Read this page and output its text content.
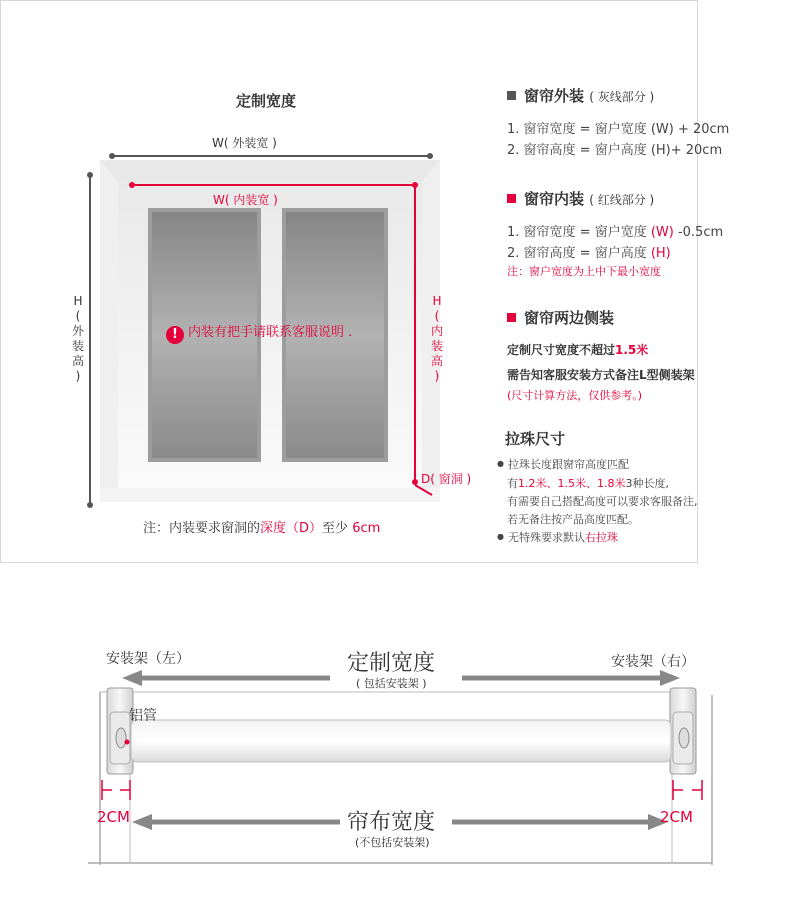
定制宽度
W( 外装宽 )
W( 内装宽 )
H
(
外
装
高
)
H
(
内
装
高
)
D( 窗洞 )
! 内装有把手请联系客服说明 .
注：内装要求窗洞的深度（D）至少 6cm
窗帘外装 ( 灰线部分 )
1. 窗帘宽度 = 窗户宽度 (W) + 20cm
2. 窗帘高度 = 窗户高度 (H)+ 20cm
窗帘内装 ( 红线部分 )
1. 窗帘宽度 = 窗户宽度 (W) -0.5cm
2. 窗帘高度 = 窗户高度 (H)
注：窗户宽度为上中下最小宽度
窗帘两边侧装
定制尺寸宽度不超过1.5米
需告知客服安装方式备注L型侧装架
(尺寸计算方法，仅供参考。)
拉珠尺寸
● 拉珠长度跟窗帘高度匹配
有1.2米、1.5米、1.8米3种长度,
有需要自己搭配高度可以要求客服备注,
若无备注按产品高度匹配。
● 无特殊要求默认右拉珠
安装架（左）	安装架（右）
定制宽度
( 包括安装架 )
铝管
2CM	2CM
帘布宽度
(不包括安装架)
